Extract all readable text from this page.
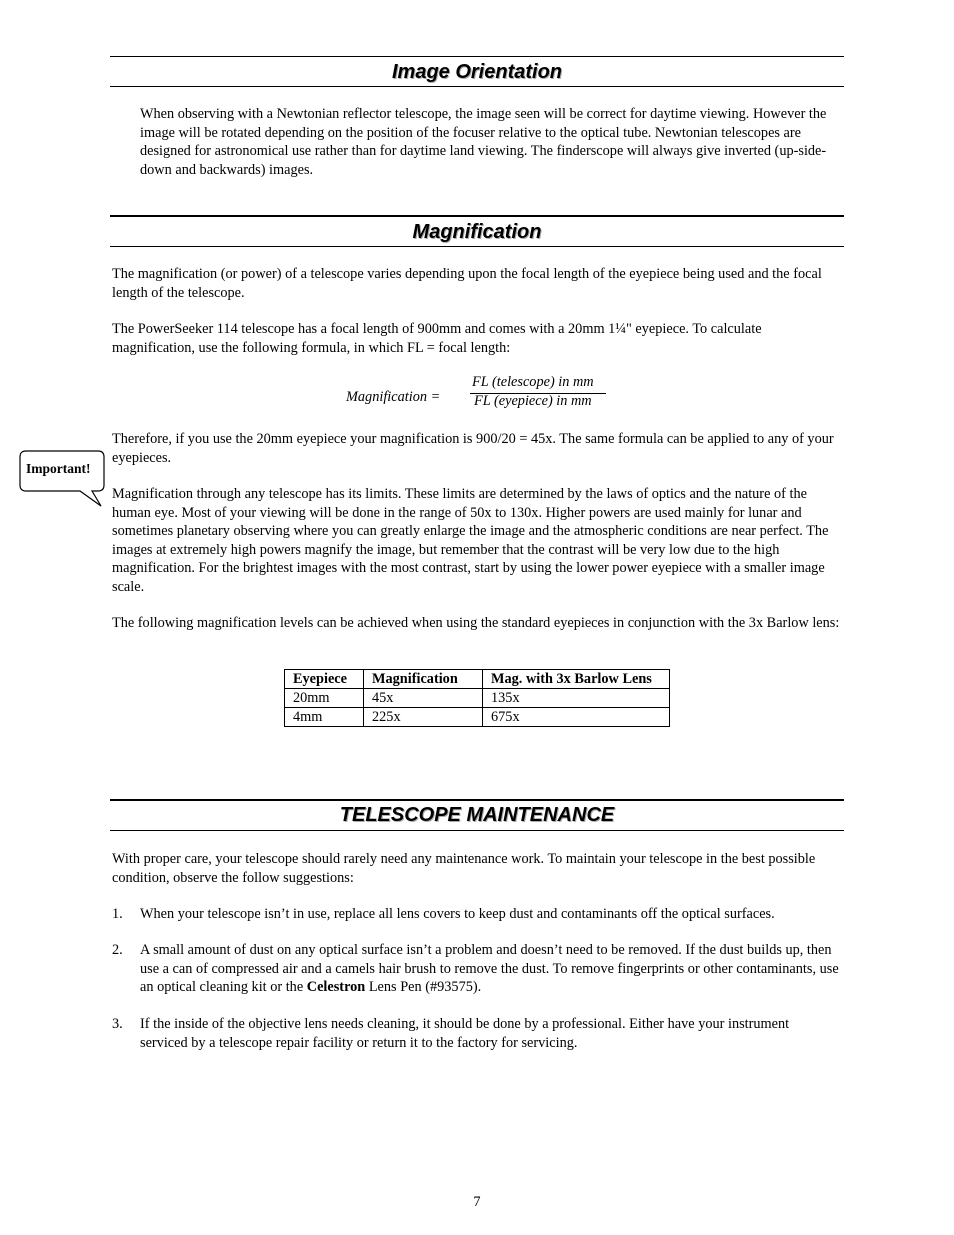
Image Orientation

When observing with a Newtonian reflector telescope, the image seen will be correct for daytime viewing. However the image will be rotated depending on the position of the focuser relative to the optical tube. Newtonian telescopes are designed for astronomical use rather than for daytime land viewing. The finderscope will always give inverted (up-side-down and backwards) images.

Magnification

The magnification (or power) of a telescope varies depending upon the focal length of the eyepiece being used and the focal length of the telescope.

The PowerSeeker 114 telescope has a focal length of 900mm and comes with a 20mm 1¼" eyepiece. To calculate magnification, use the following formula, in which FL = focal length:

Magnification =
FL (telescope) in mm
FL (eyepiece) in mm

Therefore, if you use the 20mm eyepiece your magnification is 900/20 = 45x. The same formula can be applied to any of your eyepieces.

Important!

Magnification through any telescope has its limits. These limits are determined by the laws of optics and the nature of the human eye. Most of your viewing will be done in the range of 50x to 130x. Higher powers are used mainly for lunar and sometimes planetary observing where you can greatly enlarge the image and the atmospheric conditions are near perfect. The images at extremely high powers magnify the image, but remember that the contrast will be very low due to the high magnification. For the brightest images with the most contrast, start by using the lower power eyepiece with a smaller image scale.

The following magnification levels can be achieved when using the standard eyepieces in conjunction with the 3x Barlow lens:

Eyepiece	Magnification	Mag. with 3x Barlow Lens
20mm	45x	135x
4mm	225x	675x
TELESCOPE MAINTENANCE

With proper care, your telescope should rarely need any maintenance work. To maintain your telescope in the best possible condition, observe the follow suggestions:

1. When your telescope isn’t in use, replace all lens covers to keep dust and contaminants off the optical surfaces.

2. A small amount of dust on any optical surface isn’t a problem and doesn’t need to be removed. If the dust builds up, then use a can of compressed air and a camels hair brush to remove the dust. To remove fingerprints or other contaminants, use an optical cleaning kit or the Celestron Lens Pen (#93575).

3. If the inside of the objective lens needs cleaning, it should be done by a professional. Either have your instrument serviced by a telescope repair facility or return it to the factory for servicing.

7
